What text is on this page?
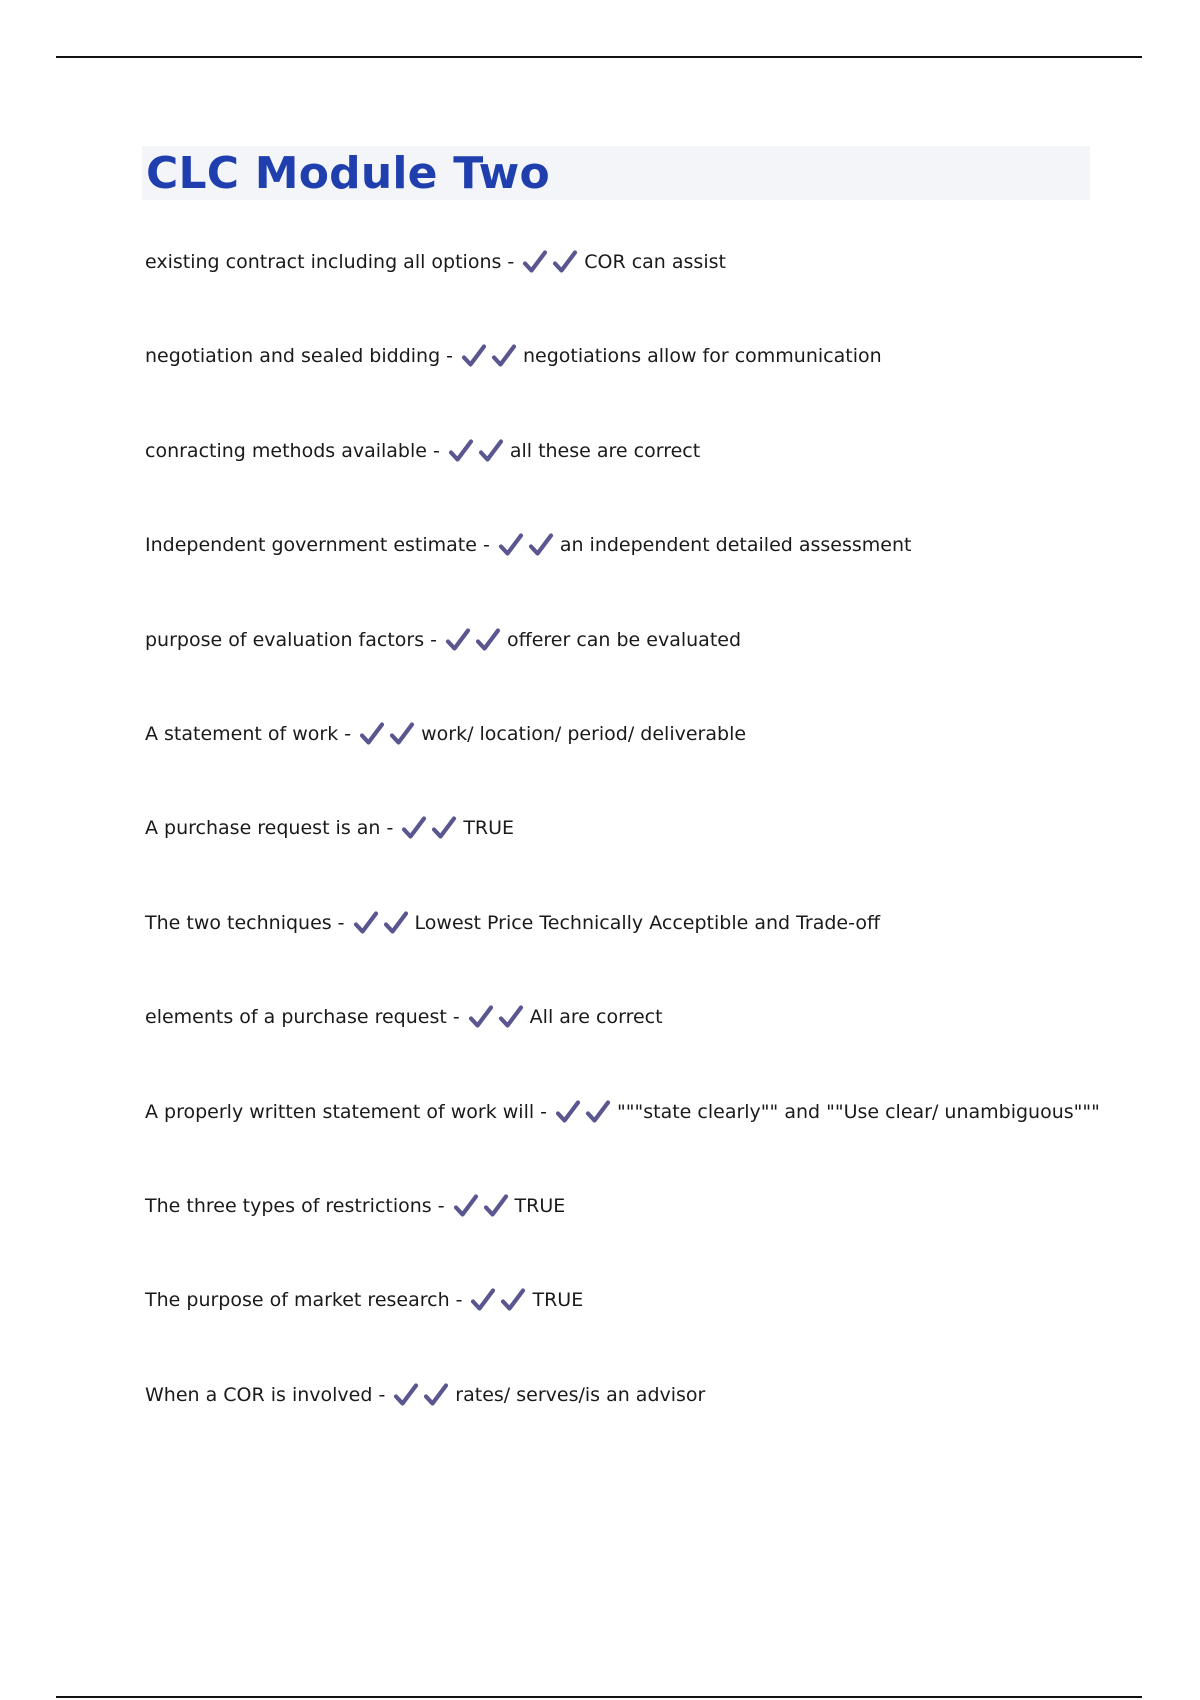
CLC Module Two
existing contract including all options -	COR can assist
negotiation and sealed bidding -	negotiations allow for communication
conracting methods available -	all these are correct
Independent government estimate -	an independent detailed assessment
purpose of evaluation factors -	offerer can be evaluated
A statement of work -	work/ location/ period/ deliverable
A purchase request is an -	TRUE
The two techniques -	Lowest Price Technically Acceptible and Trade-off
elements of a purchase request -	All are correct
A properly written statement of work will -	"""state clearly"" and ""Use clear/ unambiguous"""
The three types of restrictions -	TRUE
The purpose of market research -	TRUE
When a COR is involved -	rates/ serves/is an advisor
